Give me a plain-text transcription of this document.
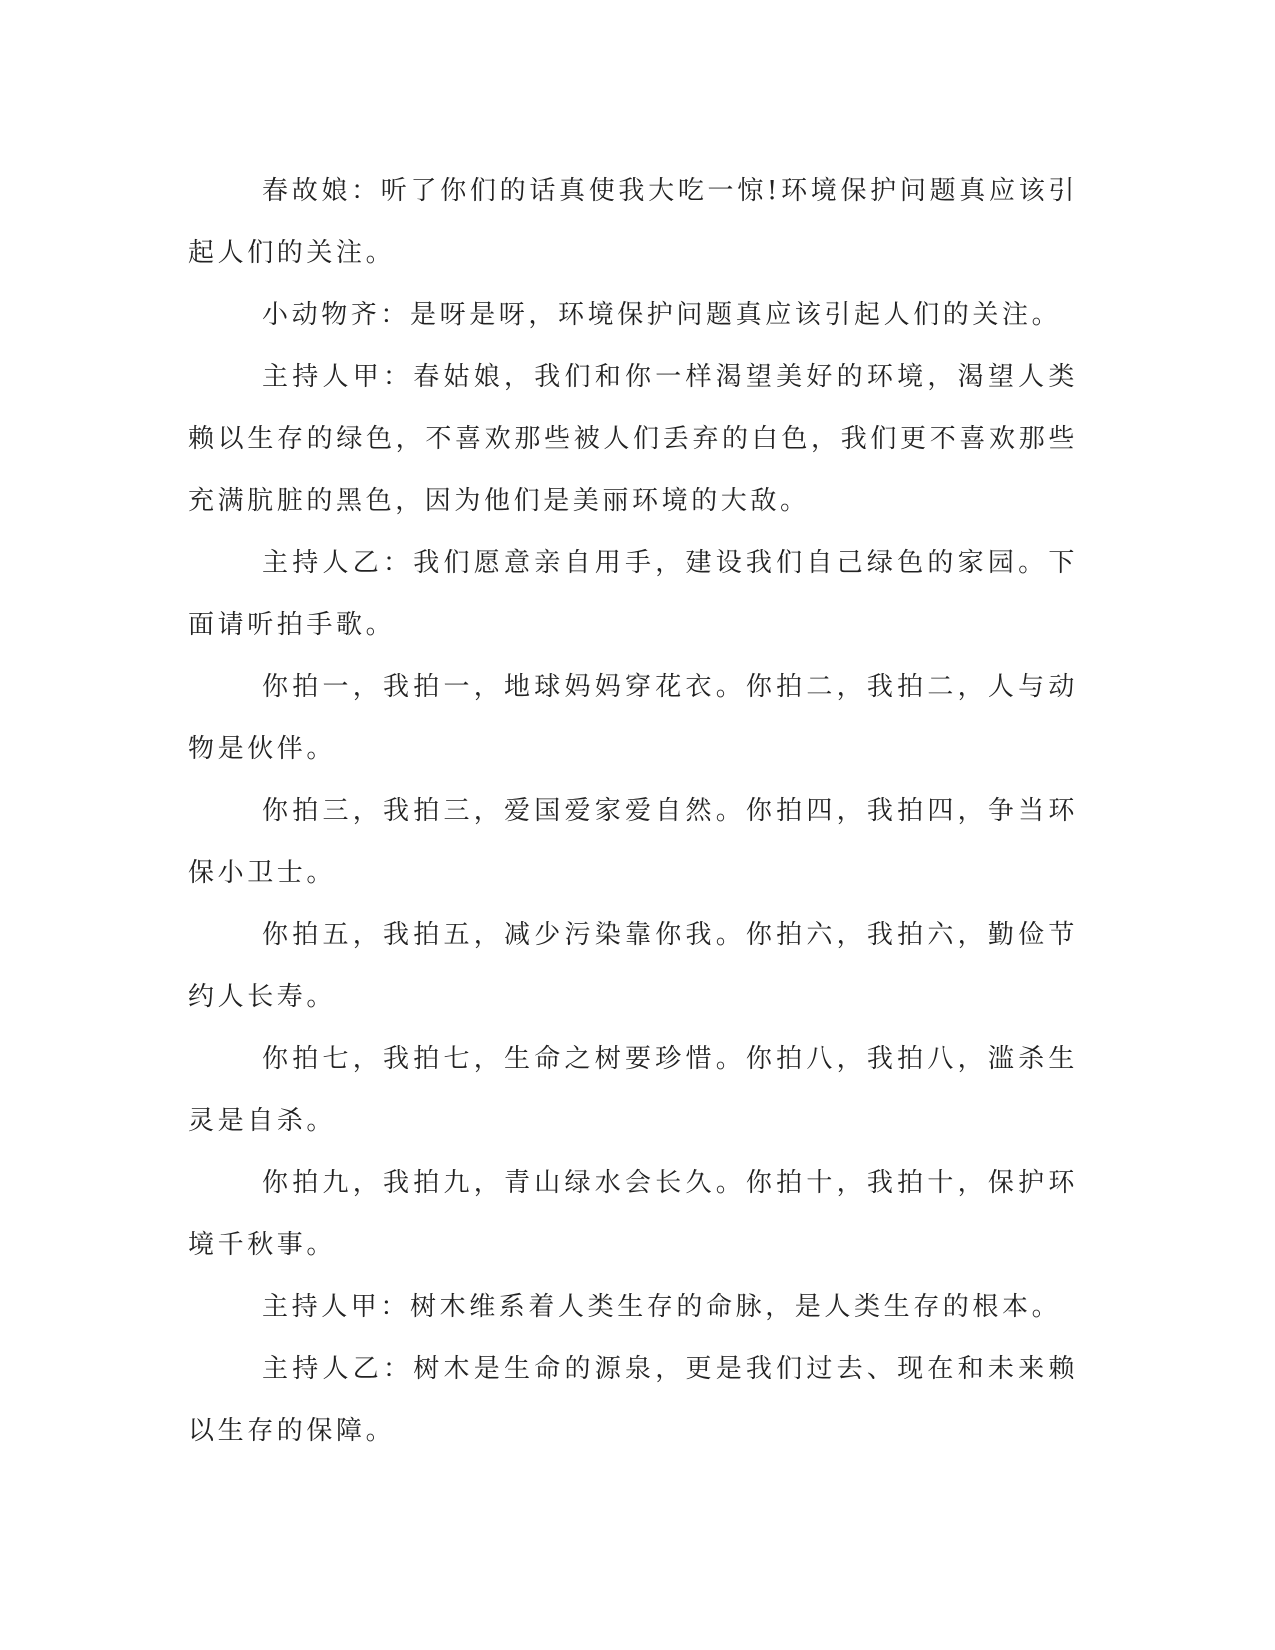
春故娘：听了你们的话真使我大吃一惊!环境保护问题真应该引起人们的关注。

小动物齐：是呀是呀，环境保护问题真应该引起人们的关注。

主持人甲：春姑娘，我们和你一样渴望美好的环境，渴望人类赖以生存的绿色，不喜欢那些被人们丢弃的白色，我们更不喜欢那些充满肮脏的黑色，因为他们是美丽环境的大敌。

主持人乙：我们愿意亲自用手，建设我们自己绿色的家园。下面请听拍手歌。

你拍一，我拍一，地球妈妈穿花衣。你拍二，我拍二，人与动物是伙伴。

你拍三，我拍三，爱国爱家爱自然。你拍四，我拍四，争当环保小卫士。

你拍五，我拍五，减少污染靠你我。你拍六，我拍六，勤俭节约人长寿。

你拍七，我拍七，生命之树要珍惜。你拍八，我拍八，滥杀生灵是自杀。

你拍九，我拍九，青山绿水会长久。你拍十，我拍十，保护环境千秋事。

主持人甲：树木维系着人类生存的命脉，是人类生存的根本。

主持人乙：树木是生命的源泉，更是我们过去、现在和未来赖以生存的保障。
